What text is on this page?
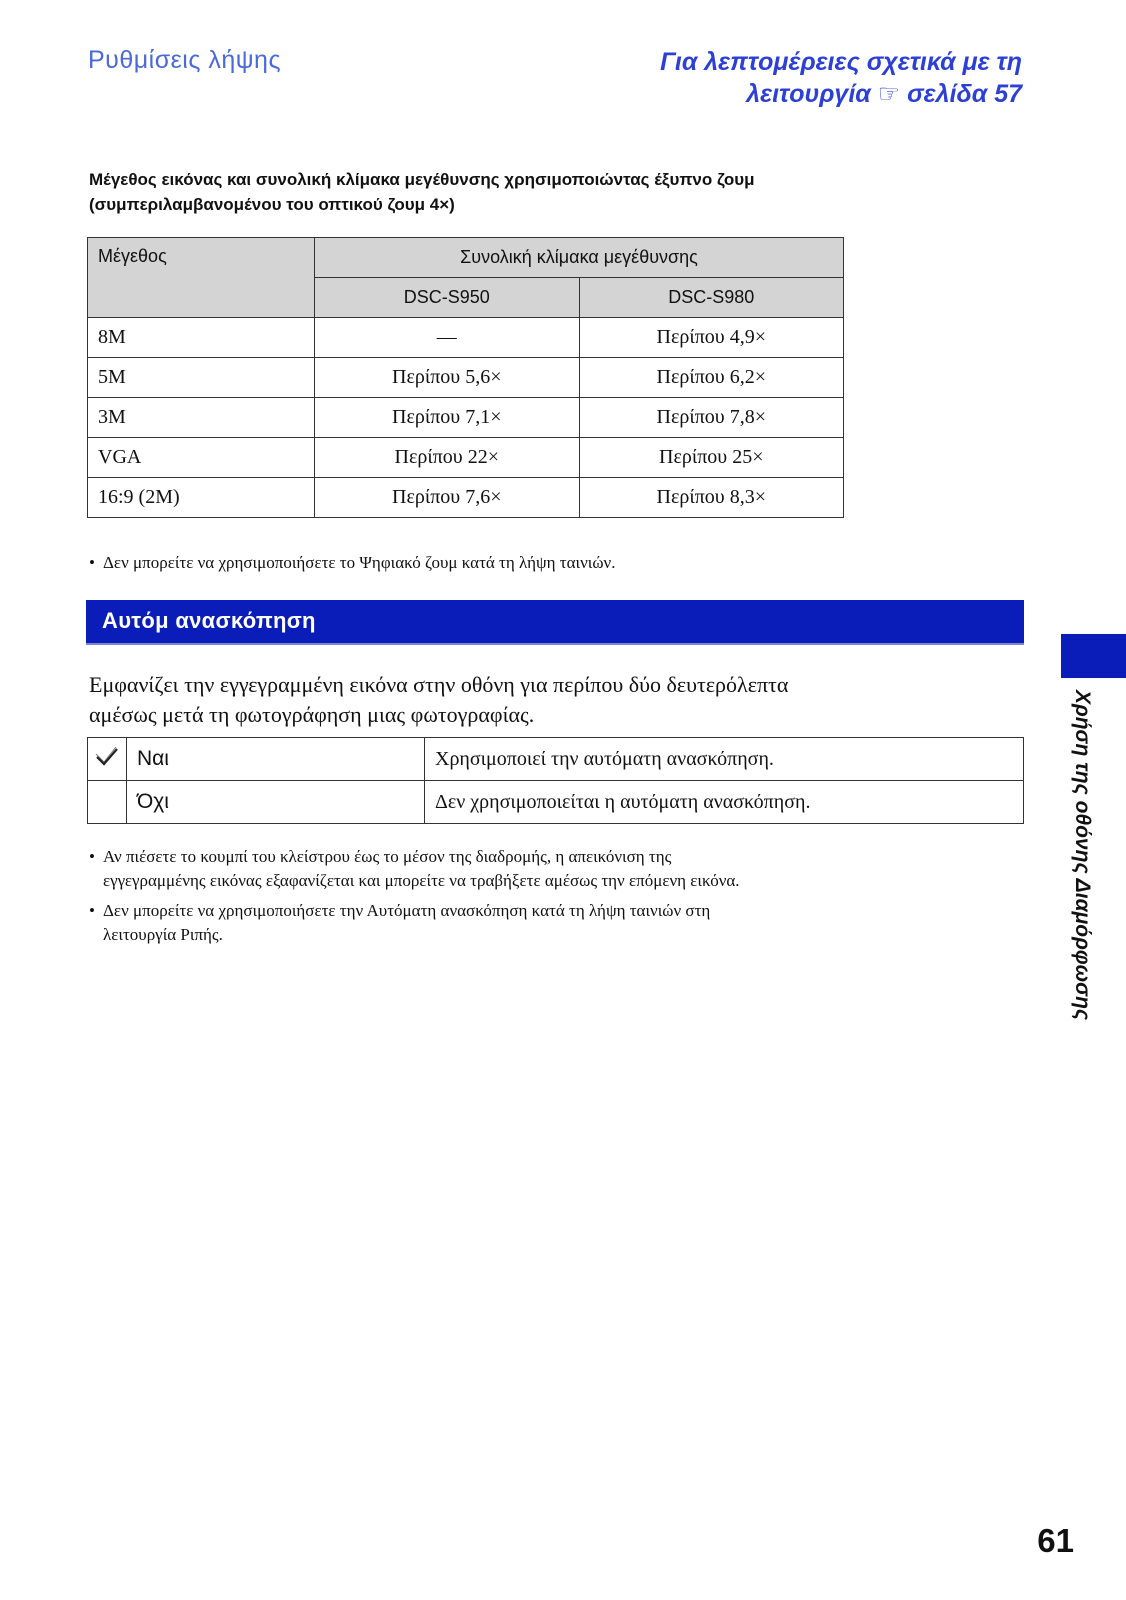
Ρυθμίσεις λήψης	Για λεπτομέρειες σχετικά με τη
λειτουργία ☞ σελίδα 57
Μέγεθος εικόνας και συνολική κλίμακα μεγέθυνσης χρησιμοποιώντας έξυπνο ζουμ
(συμπεριλαμβανομένου του οπτικού ζουμ 4×)
Μέγεθος	Συνολική κλίμακα μεγέθυνσης	
	DSC-S950	DSC-S980
8M	—	Περίπου 4,9×
5M	Περίπου 5,6×	Περίπου 6,2×
3M	Περίπου 7,1×	Περίπου 7,8×
VGA	Περίπου 22×	Περίπου 25×
16:9 (2M)	Περίπου 7,6×	Περίπου 8,3×
• Δεν μπορείτε να χρησιμοποιήσετε το Ψηφιακό ζουμ κατά τη λήψη ταινιών.
Αυτόμ ανασκόπηση
Χρήση της οθόνης Διαμόρφωσης
Εμφανίζει την εγγεγραμμένη εικόνα στην οθόνη για περίπου δύο δευτερόλεπτα
αμέσως μετά τη φωτογράφηση μιας φωτογραφίας.
	Ναι	Χρησιμοποιεί την αυτόματη ανασκόπηση.
	Όχι	Δεν χρησιμοποιείται η αυτόματη ανασκόπηση.
• Αν πιέσετε το κουμπί του κλείστρου έως το μέσον της διαδρομής, η απεικόνιση της
εγγεγραμμένης εικόνας εξαφανίζεται και μπορείτε να τραβήξετε αμέσως την επόμενη εικόνα.
• Δεν μπορείτε να χρησιμοποιήσετε την Αυτόματη ανασκόπηση κατά τη λήψη ταινιών στη
λειτουργία Ριπής.
61
